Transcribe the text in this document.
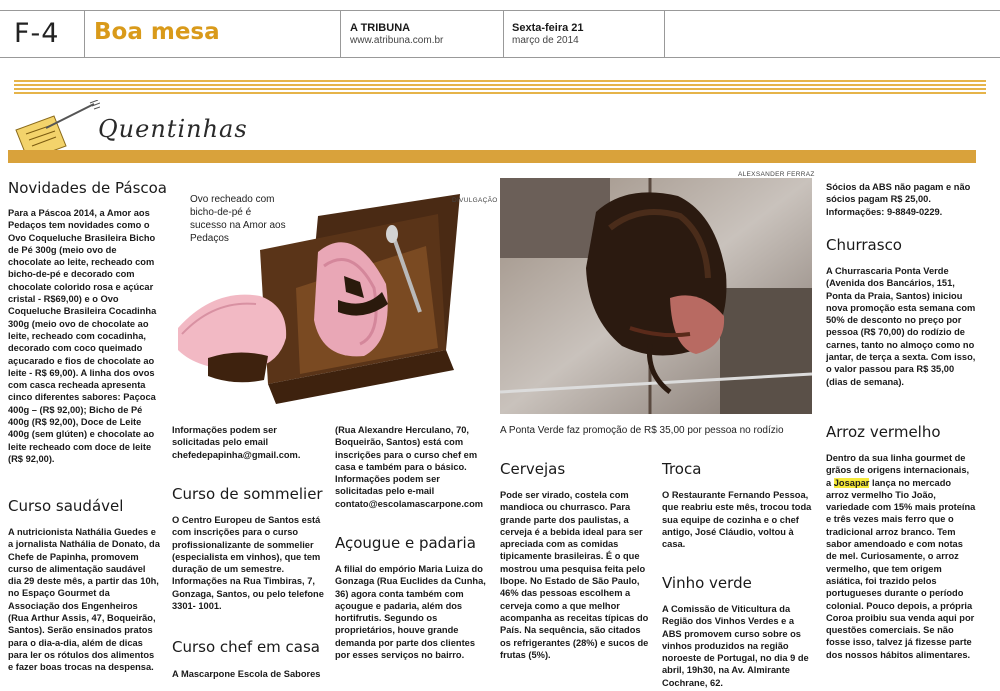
F-4 Boa mesa	A TRIBUNA
www.atribuna.com.br
Sexta-feira 21
março de 2014
Quentinhas
Novidades de Páscoa
Para a Páscoa 2014, a Amor aos Pedaços tem novidades como o Ovo Coqueluche Brasileira Bicho de Pé 300g (meio ovo de chocolate ao leite, recheado com bicho-de-pé e decorado com chocolate colorido rosa e açúcar cristal - R$69,00) e o Ovo Coqueluche Brasileira Cocadinha 300g (meio ovo de chocolate ao leite, recheado com cocadinha, decorado com coco queimado açucarado e fios de chocolate ao leite - R$ 69,00). A linha dos ovos com casca recheada apresenta cinco diferentes sabores: Paçoca 400g – (R$ 92,00); Bicho de Pé 400g (R$ 92,00), Doce de Leite 400g (sem glúten) e chocolate ao leite recheado com doce de leite (R$ 92,00).
Curso saudável
A nutricionista Nathália Guedes e a jornalista Nathália de Donato, da Chefe de Papinha, promovem curso de alimentação saudável dia 29 deste mês, a partir das 10h, no Espaço Gourmet da Associação dos Engenheiros (Rua Arthur Assis, 47, Boqueirão, Santos). Serão ensinados pratos para o dia-a-dia, além de dicas para ler os rótulos dos alimentos e fazer boas trocas na despensa.
Ovo recheado com bicho-de-pé é sucesso na Amor aos Pedaços
DIVULGAÇÃO
Informações podem ser solicitadas pelo email chefedepapinha@gmail.com.
Curso de sommelier
O Centro Europeu de Santos está com inscrições para o curso profissionalizante de sommelier (especialista em vinhos), que tem duração de um semestre. Informações na Rua Timbiras, 7, Gonzaga, Santos, ou pelo telefone 3301- 1001.
Curso chef em casa
A Mascarpone Escola de Sabores
(Rua Alexandre Herculano, 70, Boqueirão, Santos) está com inscrições para o curso chef em casa e também para o básico. Informações podem ser solicitadas pelo e-mail contato@escolamascarpone.com
Açougue e padaria
A filial do empório Maria Luiza do Gonzaga (Rua Euclides da Cunha, 36) agora conta também com açougue e padaria, além dos hortifrutis. Segundo os proprietários, houve grande demanda por parte dos clientes por esses serviços no bairro.
ALEXSANDER FERRAZ
A Ponta Verde faz promoção de R$ 35,00 por pessoa no rodízio
Cervejas
Pode ser virado, costela com mandioca ou churrasco. Para grande parte dos paulistas, a cerveja é a bebida ideal para ser apreciada com as comidas tipicamente brasileiras. É o que mostrou uma pesquisa feita pelo Ibope. No Estado de São Paulo, 46% das pessoas escolhem a cerveja como a que melhor acompanha as receitas típicas do País. Na sequência, são citados os refrigerantes (28%) e sucos de frutas (5%).
Troca
O Restaurante Fernando Pessoa, que reabriu este mês, trocou toda sua equipe de cozinha e o chef antigo, José Cláudio, voltou à casa.
Vinho verde
A Comissão de Viticultura da Região dos Vinhos Verdes e a ABS promovem curso sobre os vinhos produzidos na região noroeste de Portugal, no dia 9 de abril, 19h30, na Av. Almirante Cochrane, 62.
Sócios da ABS não pagam e não sócios pagam R$ 25,00. Informações: 9-8849-0229.
Churrasco
A Churrascaria Ponta Verde (Avenida dos Bancários, 151, Ponta da Praia, Santos) iniciou nova promoção esta semana com 50% de desconto no preço por pessoa (R$ 70,00) do rodízio de carnes, tanto no almoço como no jantar, de terça a sexta. Com isso, o valor passou para R$ 35,00 (dias de semana).
Arroz vermelho
Dentro da sua linha gourmet de grãos de origens internacionais, a Josapar lança no mercado arroz vermelho Tio João, variedade com 15% mais proteína e três vezes mais ferro que o tradicional arroz branco. Tem sabor amendoado e com notas de mel. Curiosamente, o arroz vermelho, que tem origem asiática, foi trazido pelos portugueses durante o período colonial. Pouco depois, a própria Coroa proibiu sua venda aqui por questões comerciais. Se não fosse isso, talvez já fizesse parte dos nossos hábitos alimentares.
